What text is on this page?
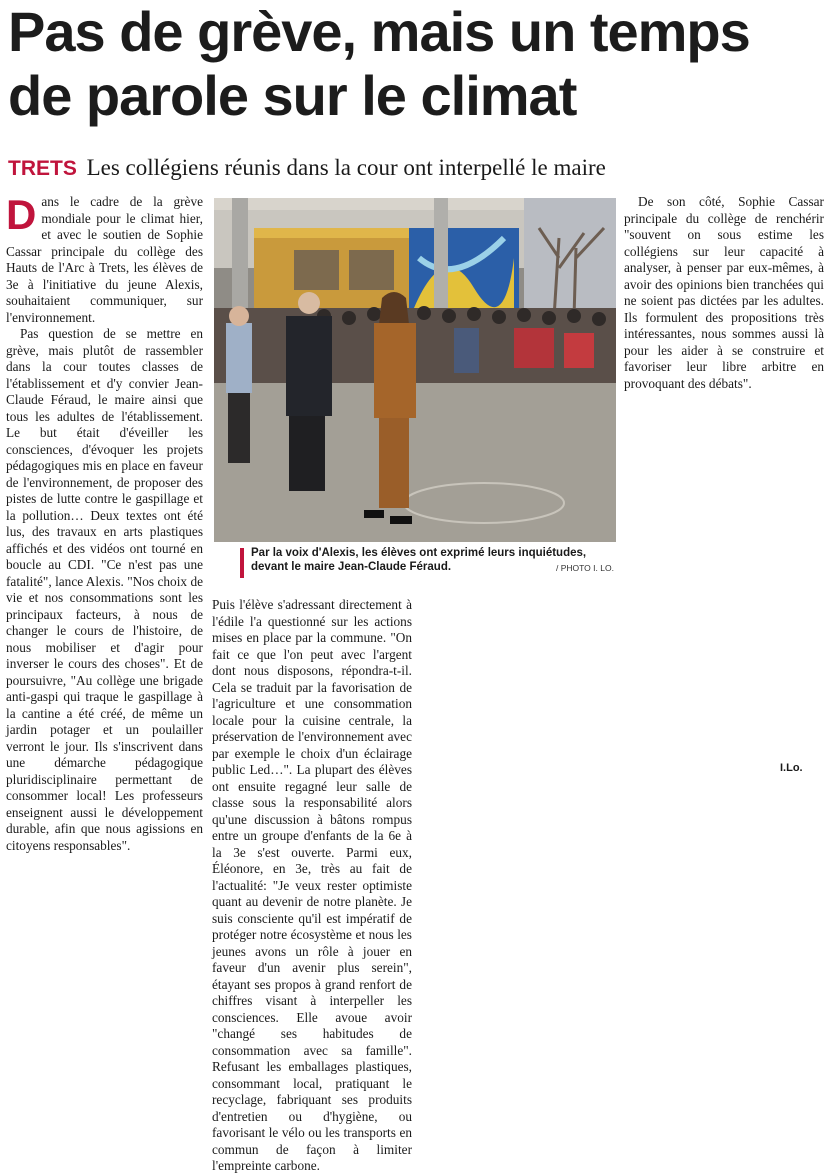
Pas de grève, mais un temps
de parole sur le climat
TRETS Les collégiens réunis dans la cour ont interpellé le maire

Dans le cadre de la grève mondiale pour le climat hier, et avec le soutien de Sophie Cassar principale du collège des Hauts de l'Arc à Trets, les élèves de 3e à l'initiative du jeune Alexis, souhaitaient communiquer, sur l'environnement.

Pas question de se mettre en grève, mais plutôt de rassembler dans la cour toutes classes de l'établissement et d'y convier Jean-Claude Féraud, le maire ainsi que tous les adultes de l'établissement. Le but était d'éveiller les consciences, d'évoquer les projets pédagogiques mis en place en faveur de l'environnement, de proposer des pistes de lutte contre le gaspillage et la pollution… Deux textes ont été lus, des travaux en arts plastiques affichés et des vidéos ont tourné en boucle au CDI. "Ce n'est pas une fatalité", lance Alexis. "Nos choix de vie et nos consommations sont les principaux facteurs, à nous de changer le cours de l'histoire, de nous mobiliser et d'agir pour inverser le cours des choses". Et de poursuivre, "Au collège une brigade anti-gaspi qui traque le gaspillage à la cantine a été créé, de même un jardin potager et un poulailler verront le jour. Ils s'inscrivent dans une démarche pédagogique pluridisciplinaire permettant de consommer local! Les professeurs enseignent aussi le développement durable, afin que nous agissions en citoyens responsables".

Par la voix d'Alexis, les élèves ont exprimé leurs inquiétudes,
devant le maire Jean-Claude Féraud.	/ PHOTO I. LO.

Puis l'élève s'adressant directement à l'édile l'a questionné sur les actions mises en place par la commune. "On fait ce que l'on peut avec l'argent dont nous disposons, répondra-t-il. Cela se traduit par la favorisation de l'agriculture et une consommation locale pour la cuisine centrale, la préservation de l'environnement avec par exemple le choix d'un éclairage public Led…". La plupart des élèves ont ensuite regagné leur salle de classe sous la responsabilité alors qu'une discussion à bâtons rompus entre un groupe d'enfants de la 6e à la 3e s'est ouverte. Parmi eux, Éléonore, en 3e, très au fait de l'actualité: "Je veux rester optimiste quant au devenir de notre planète. Je suis consciente qu'il est impératif de protéger notre écosystème et nous les jeunes avons un rôle à jouer en faveur d'un avenir plus serein", étayant ses propos à grand renfort de chiffres visant à interpeller les consciences. Elle avoue avoir "changé ses habitudes de consommation avec sa famille". Refusant les emballages plastiques, consommant local, pratiquant le recyclage, fabriquant ses produits d'entretien ou d'hygiène, ou favorisant le vélo ou les transports en commun de façon à limiter l'empreinte carbone.

De son côté, Sophie Cassar principale du collège de renchérir "souvent on sous estime les collégiens sur leur capacité à analyser, à penser par eux-mêmes, à avoir des opinions bien tranchées qui ne soient pas dictées par les adultes. Ils formulent des propositions très intéressantes, nous sommes aussi là pour les aider à se construire et favoriser leur libre arbitre en provoquant des débats".

I.Lo.
